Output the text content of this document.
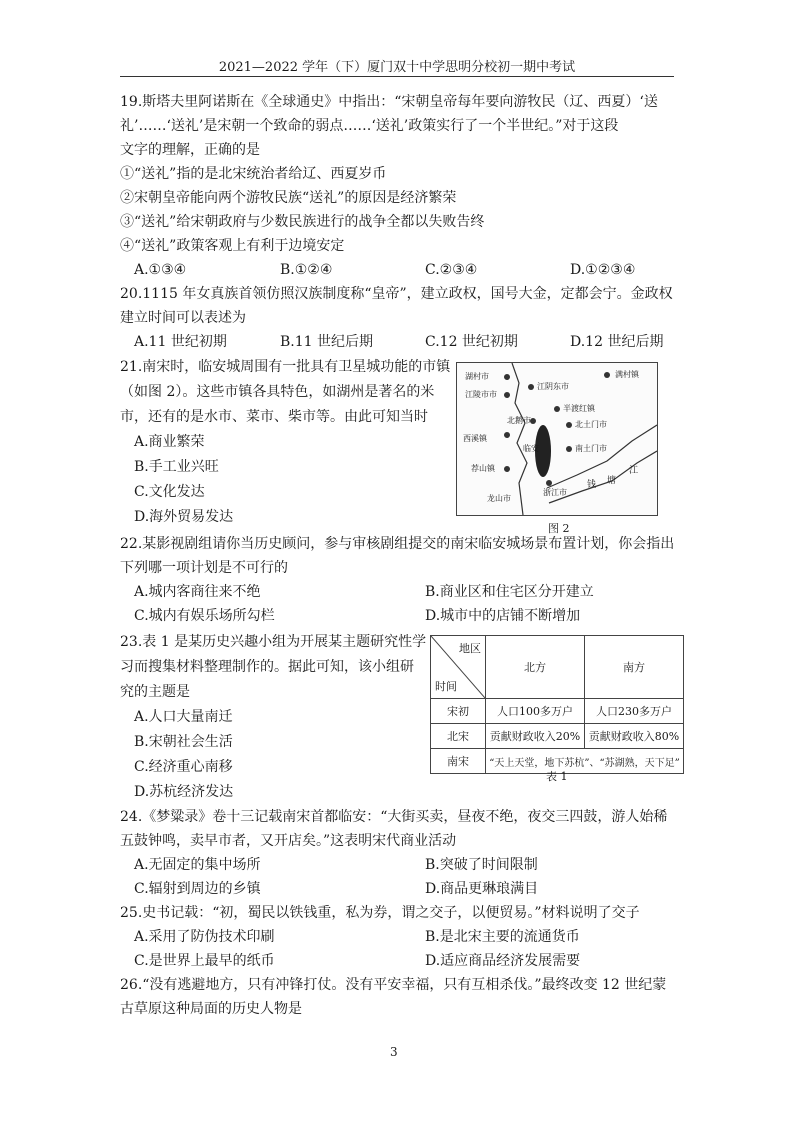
2021—2022 学年（下）厦门双十中学思明分校初一期中考试
19.斯塔夫里阿诺斯在《全球通史》中指出：“宋朝皇帝每年要向游牧民（辽、西夏）‘送
礼’……‘送礼’是宋朝一个致命的弱点……‘送礼’政策实行了一个半世纪。”对于这段
文字的理解，正确的是
①“送礼”指的是北宋统治者给辽、西夏岁币
②宋朝皇帝能向两个游牧民族“送礼”的原因是经济繁荣
③“送礼”给宋朝政府与少数民族进行的战争全都以失败告终
④“送礼”政策客观上有利于边境安定
A.①③④	B.①②④	C.②③④	D.①②③④
20.1115 年女真族首领仿照汉族制度称“皇帝”，建立政权，国号大金，定都会宁。金政权
建立时间可以表述为
A.11 世纪初期	B.11 世纪后期	C.12 世纪初期	D.12 世纪后期
21.南宋时，临安城周围有一批具有卫星城功能的市镇
（如图 2）。这些市镇各具特色，如湖州是著名的米
市，还有的是水市、菜市、柴市等。由此可知当时
A.商业繁荣
B.手工业兴旺
C.文化发达
D.海外贸易发达
湖村市	满村镇
江陵市市
江阴东市
半渡红镇
北鹅市	北土门市
西溪镇
临安	南土门市
钱 塘
江
荐山镇
龙山市
浙江市
图 2
22.某影视剧组请你当历史顾问，参与审核剧组提交的南宋临安城场景布置计划，你会指出
下列哪一项计划是不可行的
A.城内客商往来不绝	B.商业区和住宅区分开建立
C.城内有娱乐场所勾栏	D.城市中的店铺不断增加
23.表 1 是某历史兴趣小组为开展某主题研究性学
习而搜集材料整理制作的。据此可知，该小组研
究的主题是
A.人口大量南迁
B.宋朝社会生活
C.经济重心南移
D.苏杭经济发达
地区
时间	北方	南方
宋初	人口100多万户	人口230多万户
北宋	贡献财政收入20%	贡献财政收入80%
南宋	“天上天堂，地下苏杭”、“苏湖熟，天下足”	
表 1
24.《梦粱录》卷十三记载南宋首都临安：“大街买卖，昼夜不绝，夜交三四鼓，游人始稀
五鼓钟鸣，卖早市者，又开店矣。”这表明宋代商业活动
A.无固定的集中场所	B.突破了时间限制
C.辐射到周边的乡镇	D.商品更琳琅满目
25.史书记载：“初，蜀民以铁钱重，私为券，谓之交子，以便贸易。”材料说明了交子
A.采用了防伪技术印刷	B.是北宋主要的流通货币
C.是世界上最早的纸币	D.适应商品经济发展需要
26.“没有逃避地方，只有冲锋打仗。没有平安幸福，只有互相杀伐。”最终改变 12 世纪蒙
古草原这种局面的历史人物是
3
